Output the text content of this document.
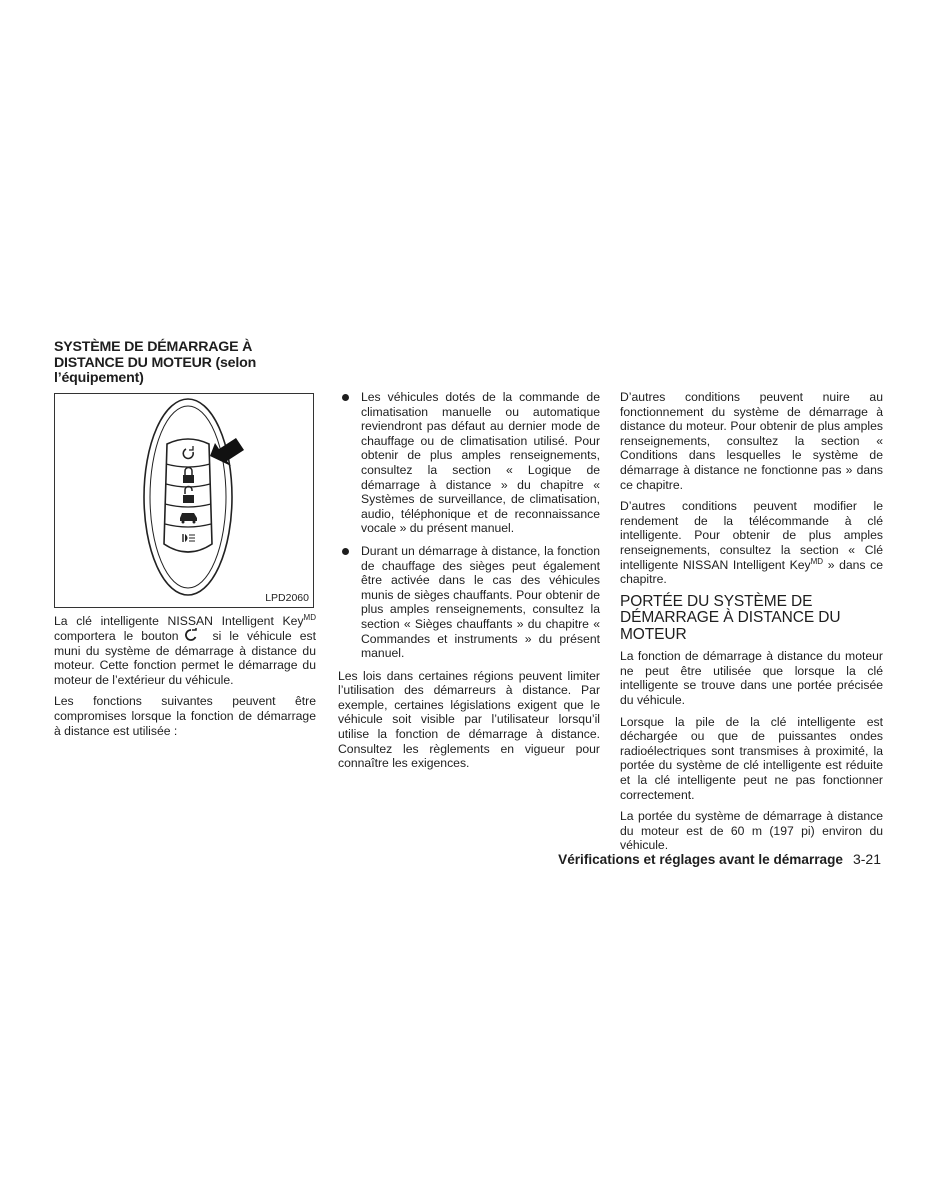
SYSTÈME DE DÉMARRAGE À
DISTANCE DU MOTEUR (selon
l’équipement)
LPD2060

La clé intelligente NISSAN Intelligent Key$^{MD}$ comportera le bouton	si le véhicule est muni du système de démarrage à distance du moteur. Cette fonction permet le démarrage du moteur de l’extérieur du véhicule.

Les fonctions suivantes peuvent être compromises lorsque la fonction de démarrage à distance est utilisée :

Les véhicules dotés de la commande de climatisation manuelle ou automatique reviendront pas défaut au dernier mode de chauffage ou de climatisation utilisé. Pour obtenir de plus amples renseignements, consultez la section « Logique de démarrage à distance » du chapitre « Systèmes de surveillance, de climatisation, audio, téléphonique et de reconnaissance vocale » du présent manuel.
Durant un démarrage à distance, la fonction de chauffage des sièges peut également être activée dans le cas des véhicules munis de sièges chauffants. Pour obtenir de plus amples renseignements, consultez la section « Sièges chauffants » du chapitre « Commandes et instruments » du présent manuel.

Les lois dans certaines régions peuvent limiter l’utilisation des démarreurs à distance. Par exemple, certaines législations exigent que le véhicule soit visible par l’utilisateur lorsqu’il utilise la fonction de démarrage à distance. Consultez les règlements en vigueur pour connaître les exigences.

D’autres conditions peuvent nuire au fonctionnement du système de démarrage à distance du moteur. Pour obtenir de plus amples renseignements, consultez la section « Conditions dans lesquelles le système de démarrage à distance ne fonctionne pas » dans ce chapitre.

D’autres conditions peuvent modifier le rendement de la télécommande à clé intelligente. Pour obtenir de plus amples renseignements, consultez la section « Clé intelligente NISSAN Intelligent Key$^{MD}$ » dans ce chapitre.

PORTÉE DU SYSTÈME DE
DÉMARRAGE À DISTANCE DU
MOTEUR

La fonction de démarrage à distance du moteur ne peut être utilisée que lorsque la clé intelligente se trouve dans une portée précisée du véhicule.

Lorsque la pile de la clé intelligente est déchargée ou que de puissantes ondes radioélectriques sont transmises à proximité, la portée du système de clé intelligente est réduite et la clé intelligente peut ne pas fonctionner correctement.

La portée du système de démarrage à distance du moteur est de 60 m (197 pi) environ du véhicule.

Vérifications et réglages avant le démarrage 3-21
